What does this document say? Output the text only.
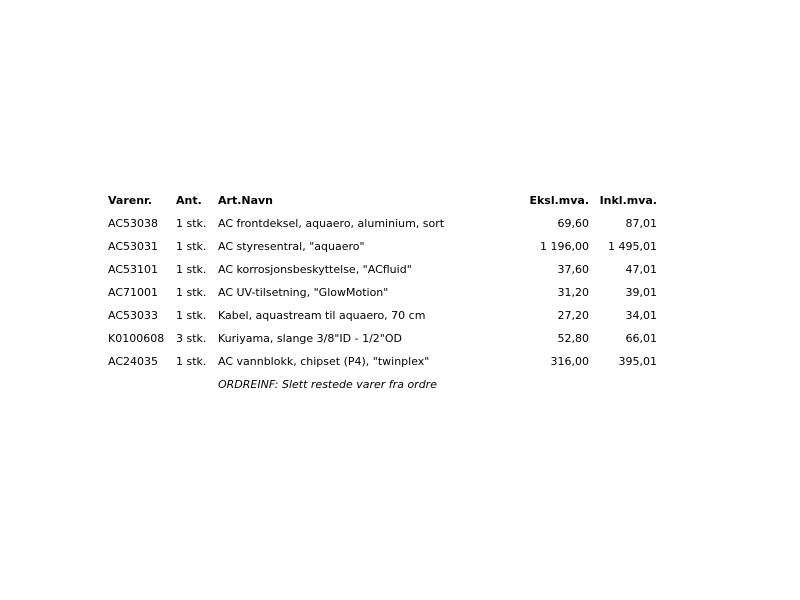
Varenr.	Ant.	Art.Navn	Eksl.mva.	Inkl.mva.
AC53038	1 stk.	AC frontdeksel, aquaero, aluminium, sort	69,60	87,01
AC53031	1 stk.	AC styresentral, "aquaero"	1 196,00	1 495,01
AC53101	1 stk.	AC korrosjonsbeskyttelse, "ACfluid"	37,60	47,01
AC71001	1 stk.	AC UV-tilsetning, "GlowMotion"	31,20	39,01
AC53033	1 stk.	Kabel, aquastream til aquaero, 70 cm	27,20	34,01
K0100608	3 stk.	Kuriyama, slange 3/8"ID - 1/2"OD	52,80	66,01
AC24035	1 stk.	AC vannblokk, chipset (P4), "twinplex"	316,00	395,01
		ORDREINF: Slett restede varer fra ordre		
